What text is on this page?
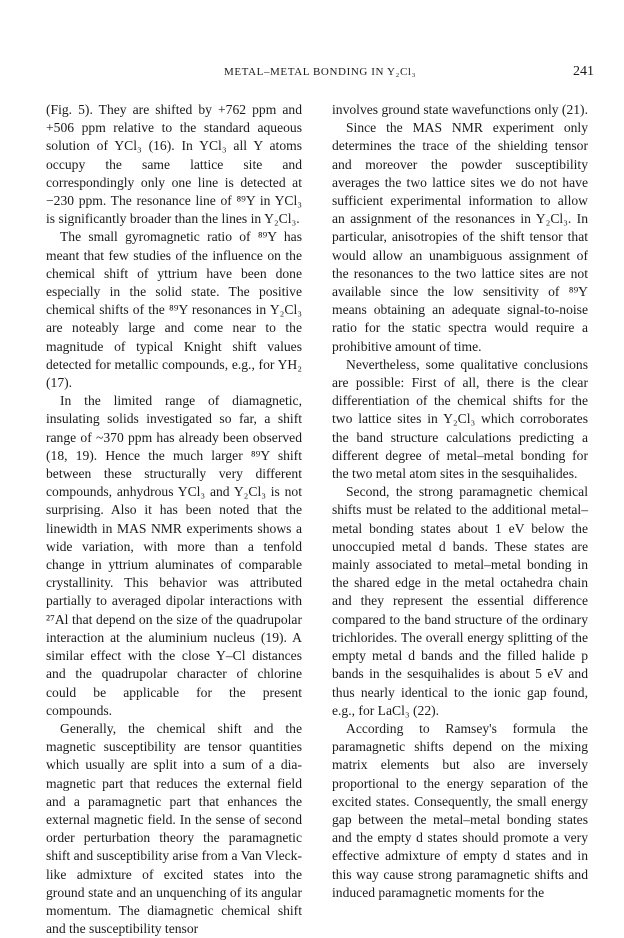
METAL–METAL BONDING IN Y₂Cl₃	241

(Fig. 5). They are shifted by +762 ppm and +506 ppm relative to the standard aqueous solution of YCl₃ (16). In YCl₃ all Y atoms occupy the same lattice site and correspondingly only one line is detected at −230 ppm. The resonance line of ⁸⁹Y in YCl₃ is significantly broader than the lines in Y₂Cl₃.

The small gyromagnetic ratio of ⁸⁹Y has meant that few studies of the influence on the chemical shift of yttrium have been done especially in the solid state. The positive chemical shifts of the ⁸⁹Y resonances in Y₂Cl₃ are noteably large and come near to the magnitude of typical Knight shift values detected for metallic compounds, e.g., for YH₂ (17).

In the limited range of diamagnetic, insulating solids investigated so far, a shift range of ~370 ppm has already been observed (18, 19). Hence the much larger ⁸⁹Y shift between these structurally very different compounds, anhydrous YCl₃ and Y₂Cl₃ is not surprising. Also it has been noted that the linewidth in MAS NMR experiments shows a wide variation, with more than a tenfold change in yttrium aluminates of comparable crystallinity. This behavior was attributed partially to averaged dipolar interactions with ²⁷Al that depend on the size of the quadrupolar interaction at the aluminium nucleus (19). A similar effect with the close Y–Cl distances and the quadrupolar character of chlorine could be applicable for the present compounds.

Generally, the chemical shift and the magnetic susceptibility are tensor quantities which usually are split into a sum of a dia-magnetic part that reduces the external field and a paramagnetic part that enhances the external magnetic field. In the sense of second order perturbation theory the paramagnetic shift and susceptibility arise from a Van Vleck-like admixture of excited states into the ground state and an unquenching of its angular momentum. The diamagnetic chemical shift and the susceptibility tensor

involves ground state wavefunctions only (21).

Since the MAS NMR experiment only determines the trace of the shielding tensor and moreover the powder susceptibility averages the two lattice sites we do not have sufficient experimental information to allow an assignment of the resonances in Y₂Cl₃. In particular, anisotropies of the shift tensor that would allow an unambiguous assignment of the resonances to the two lattice sites are not available since the low sensitivity of ⁸⁹Y means obtaining an adequate signal-to-noise ratio for the static spectra would require a prohibitive amount of time.

Nevertheless, some qualitative conclusions are possible: First of all, there is the clear differentiation of the chemical shifts for the two lattice sites in Y₂Cl₃ which corroborates the band structure calculations predicting a different degree of metal–metal bonding for the two metal atom sites in the sesquihalides.

Second, the strong paramagnetic chemical shifts must be related to the additional metal–metal bonding states about 1 eV below the unoccupied metal d bands. These states are mainly associated to metal–metal bonding in the shared edge in the metal octahedra chain and they represent the essential difference compared to the band structure of the ordinary trichlorides. The overall energy splitting of the empty metal d bands and the filled halide p bands in the sesquihalides is about 5 eV and thus nearly identical to the ionic gap found, e.g., for LaCl₃ (22).

According to Ramsey's formula the paramagnetic shifts depend on the mixing matrix elements but also are inversely proportional to the energy separation of the excited states. Consequently, the small energy gap between the metal–metal bonding states and the empty d states should promote a very effective admixture of empty d states and in this way cause strong paramagnetic shifts and induced paramagnetic moments for the
